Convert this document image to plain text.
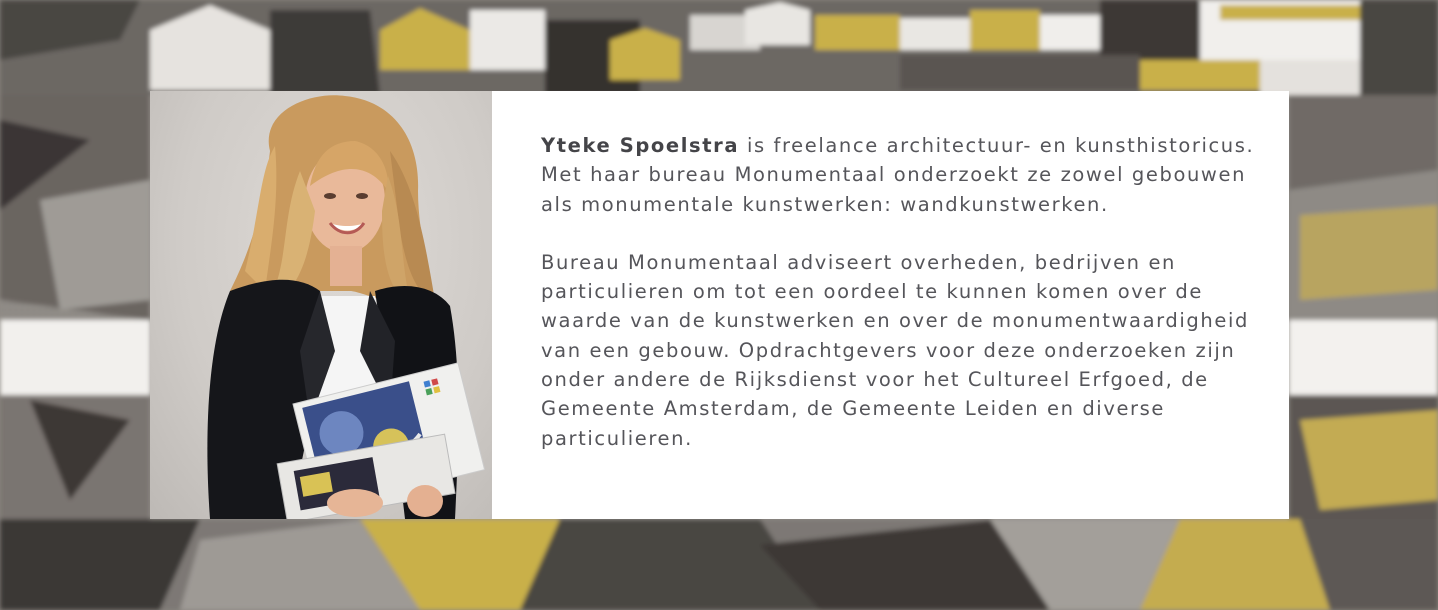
Yteke Spoelstra is freelance architectuur- en kunsthistoricus. Met haar bureau Monumentaal onderzoekt ze zowel gebouwen als monumentale kunstwerken: wandkunstwerken.

Bureau Monumentaal adviseert overheden, bedrijven en particulieren om tot een oordeel te kunnen komen over de waarde van de kunstwerken en over de monumentwaardigheid van een gebouw. Opdrachtgevers voor deze onderzoeken zijn onder andere de Rijksdienst voor het Cultureel Erfgoed, de Gemeente Amsterdam, de Gemeente Leiden en diverse particulieren.
